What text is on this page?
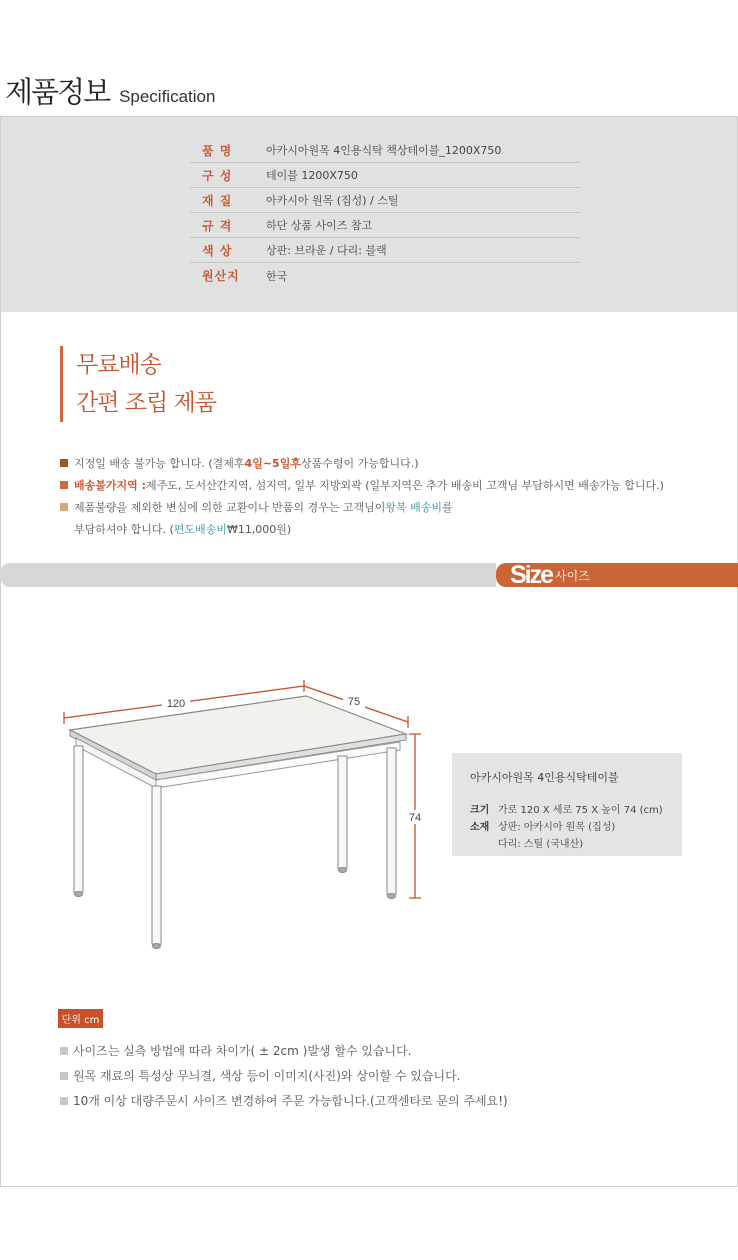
제품정보 Specification
품 명	아카시아원목 4인용식탁 책상테이블_1200X750
구 성	테이블 1200X750
재 질	아카시아 원목 (집성) / 스틸
규 격	하단 상품 사이즈 참고
색 상	상판: 브라운 / 다리: 블랙
원산지	한국
무료배송
간편 조립 제품
지정일 배송 불가능 합니다. (결제후 4일~5일후 상품수령이 가능합니다.)
배송불가지역 : 제주도, 도서산간지역, 섬지역, 일부 지방외곽 (일부지역은 추가 배송비 고객님 부담하시면 배송가능 합니다.)
제품불량을 제외한 변심에 의한 교환이나 반품의 경우는 고객님이 왕복 배송비 를
부담하셔야 합니다. ( 편도배송비 ₩11,000원)
Size 사이즈
120	75
74
아카시아원목 4인용식탁테이블
크기 가로 120 X 세로 75 X 높이 74 (cm)
소재 상판: 아카시아 원목 (집성)
다리: 스틸 (국내산)
단위 cm
사이즈는 실측 방법에 따라 차이가( ± 2cm )발생 할수 있습니다.
원목 재료의 특성상 무늬결, 색상 등이 이미지(사진)와 상이할 수 있습니다.
10개 이상 대량주문시 사이즈 변경하여 주문 가능합니다.(고객센타로 문의 주세요!)
